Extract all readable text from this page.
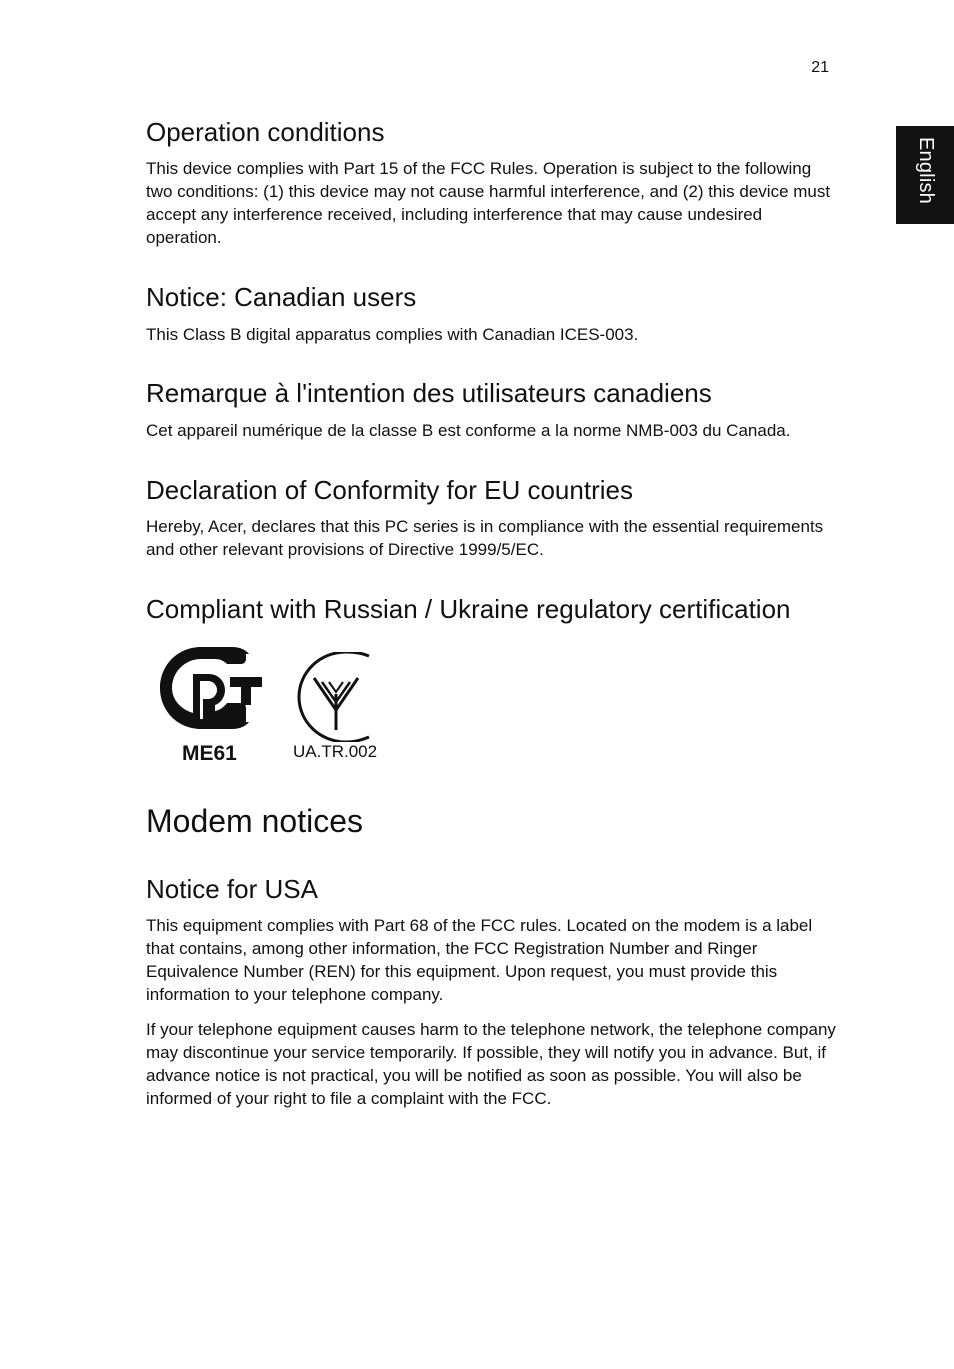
21
English
Operation conditions

This device complies with Part 15 of the FCC Rules. Operation is subject to the following two conditions: (1) this device may not cause harmful interference, and (2) this device must accept any interference received, including interference that may cause undesired operation.

Notice: Canadian users

This Class B digital apparatus complies with Canadian ICES-003.

Remarque à l'intention des utilisateurs canadiens

Cet appareil numérique de la classe B est conforme a la norme NMB-003 du Canada.

Declaration of Conformity for EU countries

Hereby, Acer, declares that this PC series is in compliance with the essential requirements and other relevant provisions of Directive 1999/5/EC.

Compliant with Russian / Ukraine regulatory certification
ME61	UA.TR.002
Modem notices
Notice for USA

This equipment complies with Part 68 of the FCC rules. Located on the modem is a label that contains, among other information, the FCC Registration Number and Ringer Equivalence Number (REN) for this equipment. Upon request, you must provide this information to your telephone company.

If your telephone equipment causes harm to the telephone network, the telephone company may discontinue your service temporarily. If possible, they will notify you in advance. But, if advance notice is not practical, you will be notified as soon as possible. You will also be informed of your right to file a complaint with the FCC.
